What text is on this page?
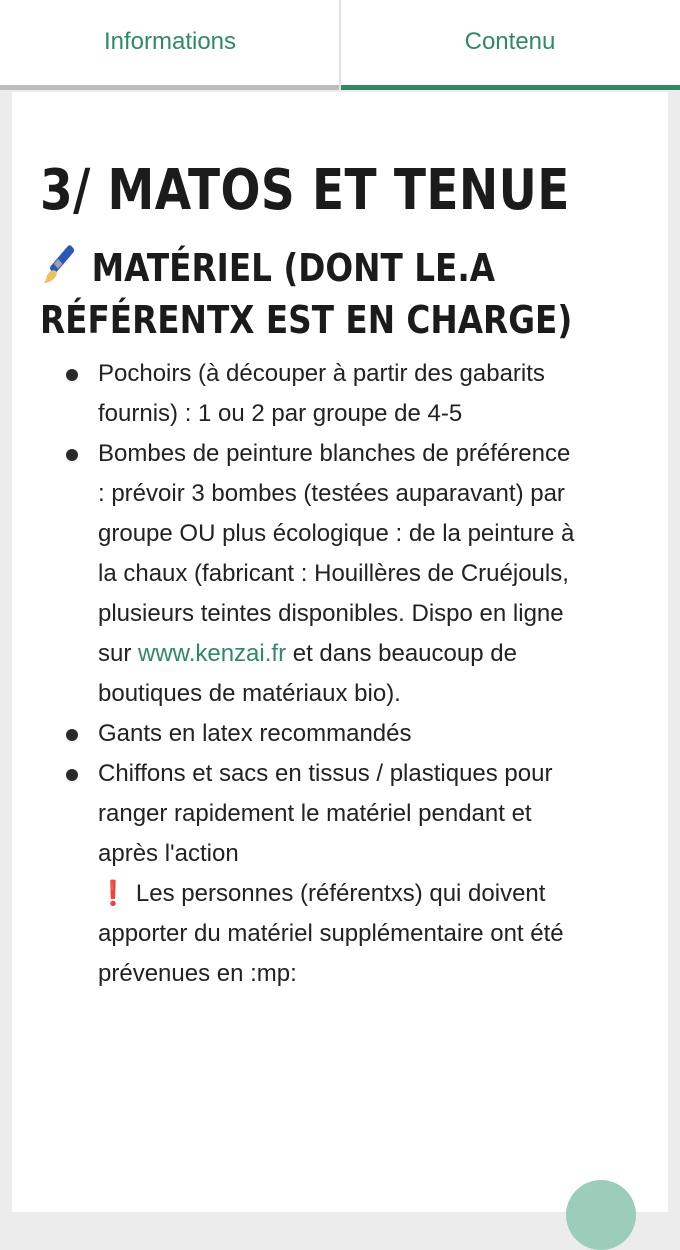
Informations	Contenu
3/ MATOS ET TENUE
MATÉRIEL (DONT LE.A RÉFÉRENTX EST EN CHARGE)
Pochoirs (à découper à partir des gabarits fournis) : 1 ou 2 par groupe de 4-5
Bombes de peinture blanches de préférence : prévoir 3 bombes (testées auparavant) par groupe OU plus écologique : de la peinture à la chaux (fabricant : Houillères de Cruéjouls, plusieurs teintes disponibles. Dispo en ligne sur www.kenzai.fr et dans beaucoup de boutiques de matériaux bio).
Gants en latex recommandés
Chiffons et sacs en tissus / plastiques pour ranger rapidement le matériel pendant et après l'action
❗ Les personnes (référentxs) qui doivent apporter du matériel supplémentaire ont été prévenues en :mp:
